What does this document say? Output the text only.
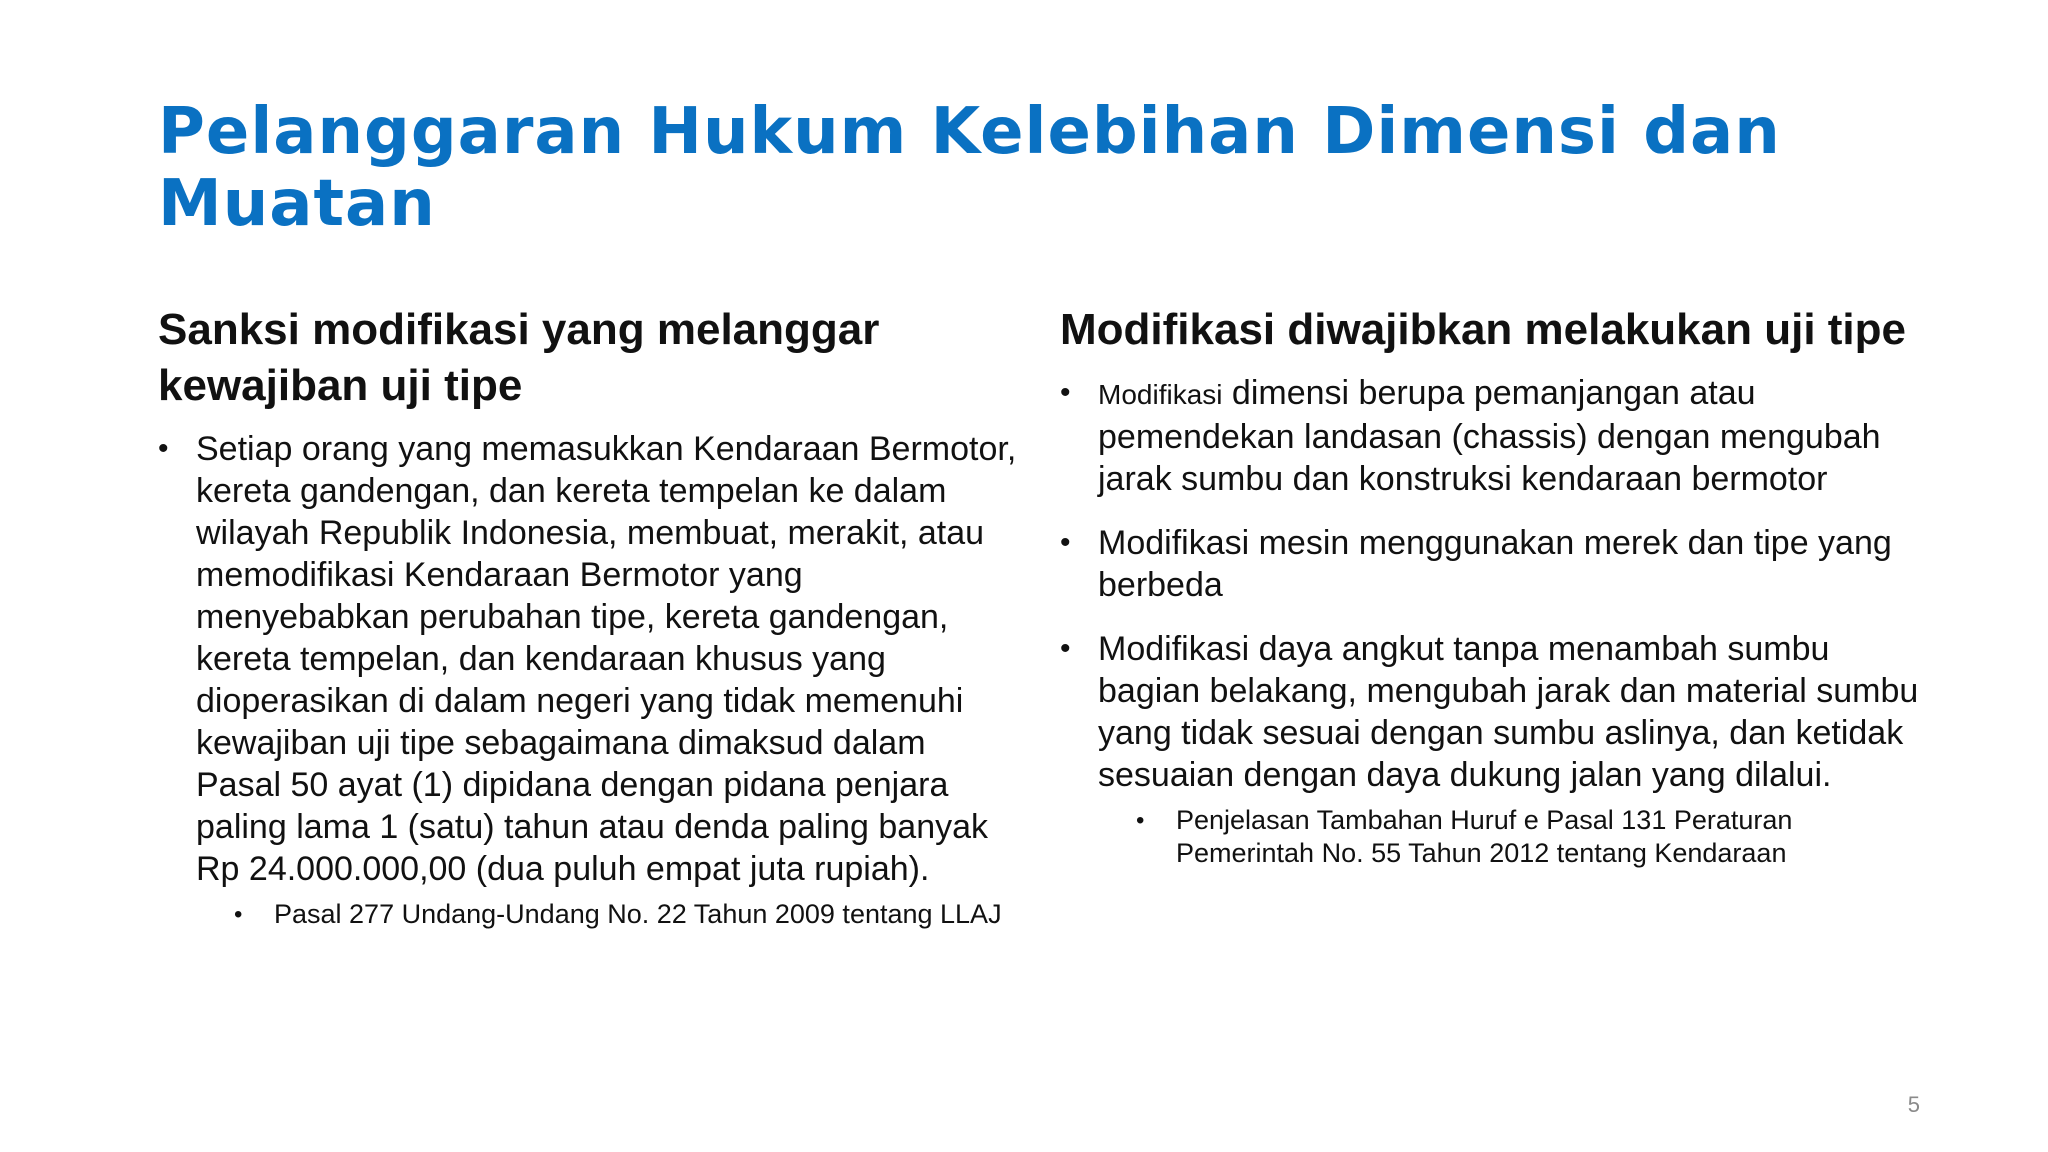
Pelanggaran Hukum Kelebihan Dimensi dan Muatan
Sanksi modifikasi yang melanggar kewajiban uji tipe
• Setiap orang yang memasukkan Kendaraan Bermotor, kereta gandengan, dan kereta tempelan ke dalam wilayah Republik Indonesia, membuat, merakit, atau memodifikasi Kendaraan Bermotor yang menyebabkan perubahan tipe, kereta gandengan, kereta tempelan, dan kendaraan khusus yang dioperasikan di dalam negeri yang tidak memenuhi kewajiban uji tipe sebagaimana dimaksud dalam Pasal 50 ayat (1) dipidana dengan pidana penjara paling lama 1 (satu) tahun atau denda paling banyak Rp 24.000.000,00 (dua puluh empat juta rupiah).
• Pasal 277 Undang-Undang No. 22 Tahun 2009 tentang LLAJ
Modifikasi diwajibkan melakukan uji tipe
• Modifikasi dimensi berupa pemanjangan atau pemendekan landasan (chassis) dengan mengubah jarak sumbu dan konstruksi kendaraan bermotor
• Modifikasi mesin menggunakan merek dan tipe yang berbeda
• Modifikasi daya angkut tanpa menambah sumbu bagian belakang, mengubah jarak dan material sumbu yang tidak sesuai dengan sumbu aslinya, dan ketidak sesuaian dengan daya dukung jalan yang dilalui.
• Penjelasan Tambahan Huruf e Pasal 131 Peraturan Pemerintah No. 55 Tahun 2012 tentang Kendaraan
5
